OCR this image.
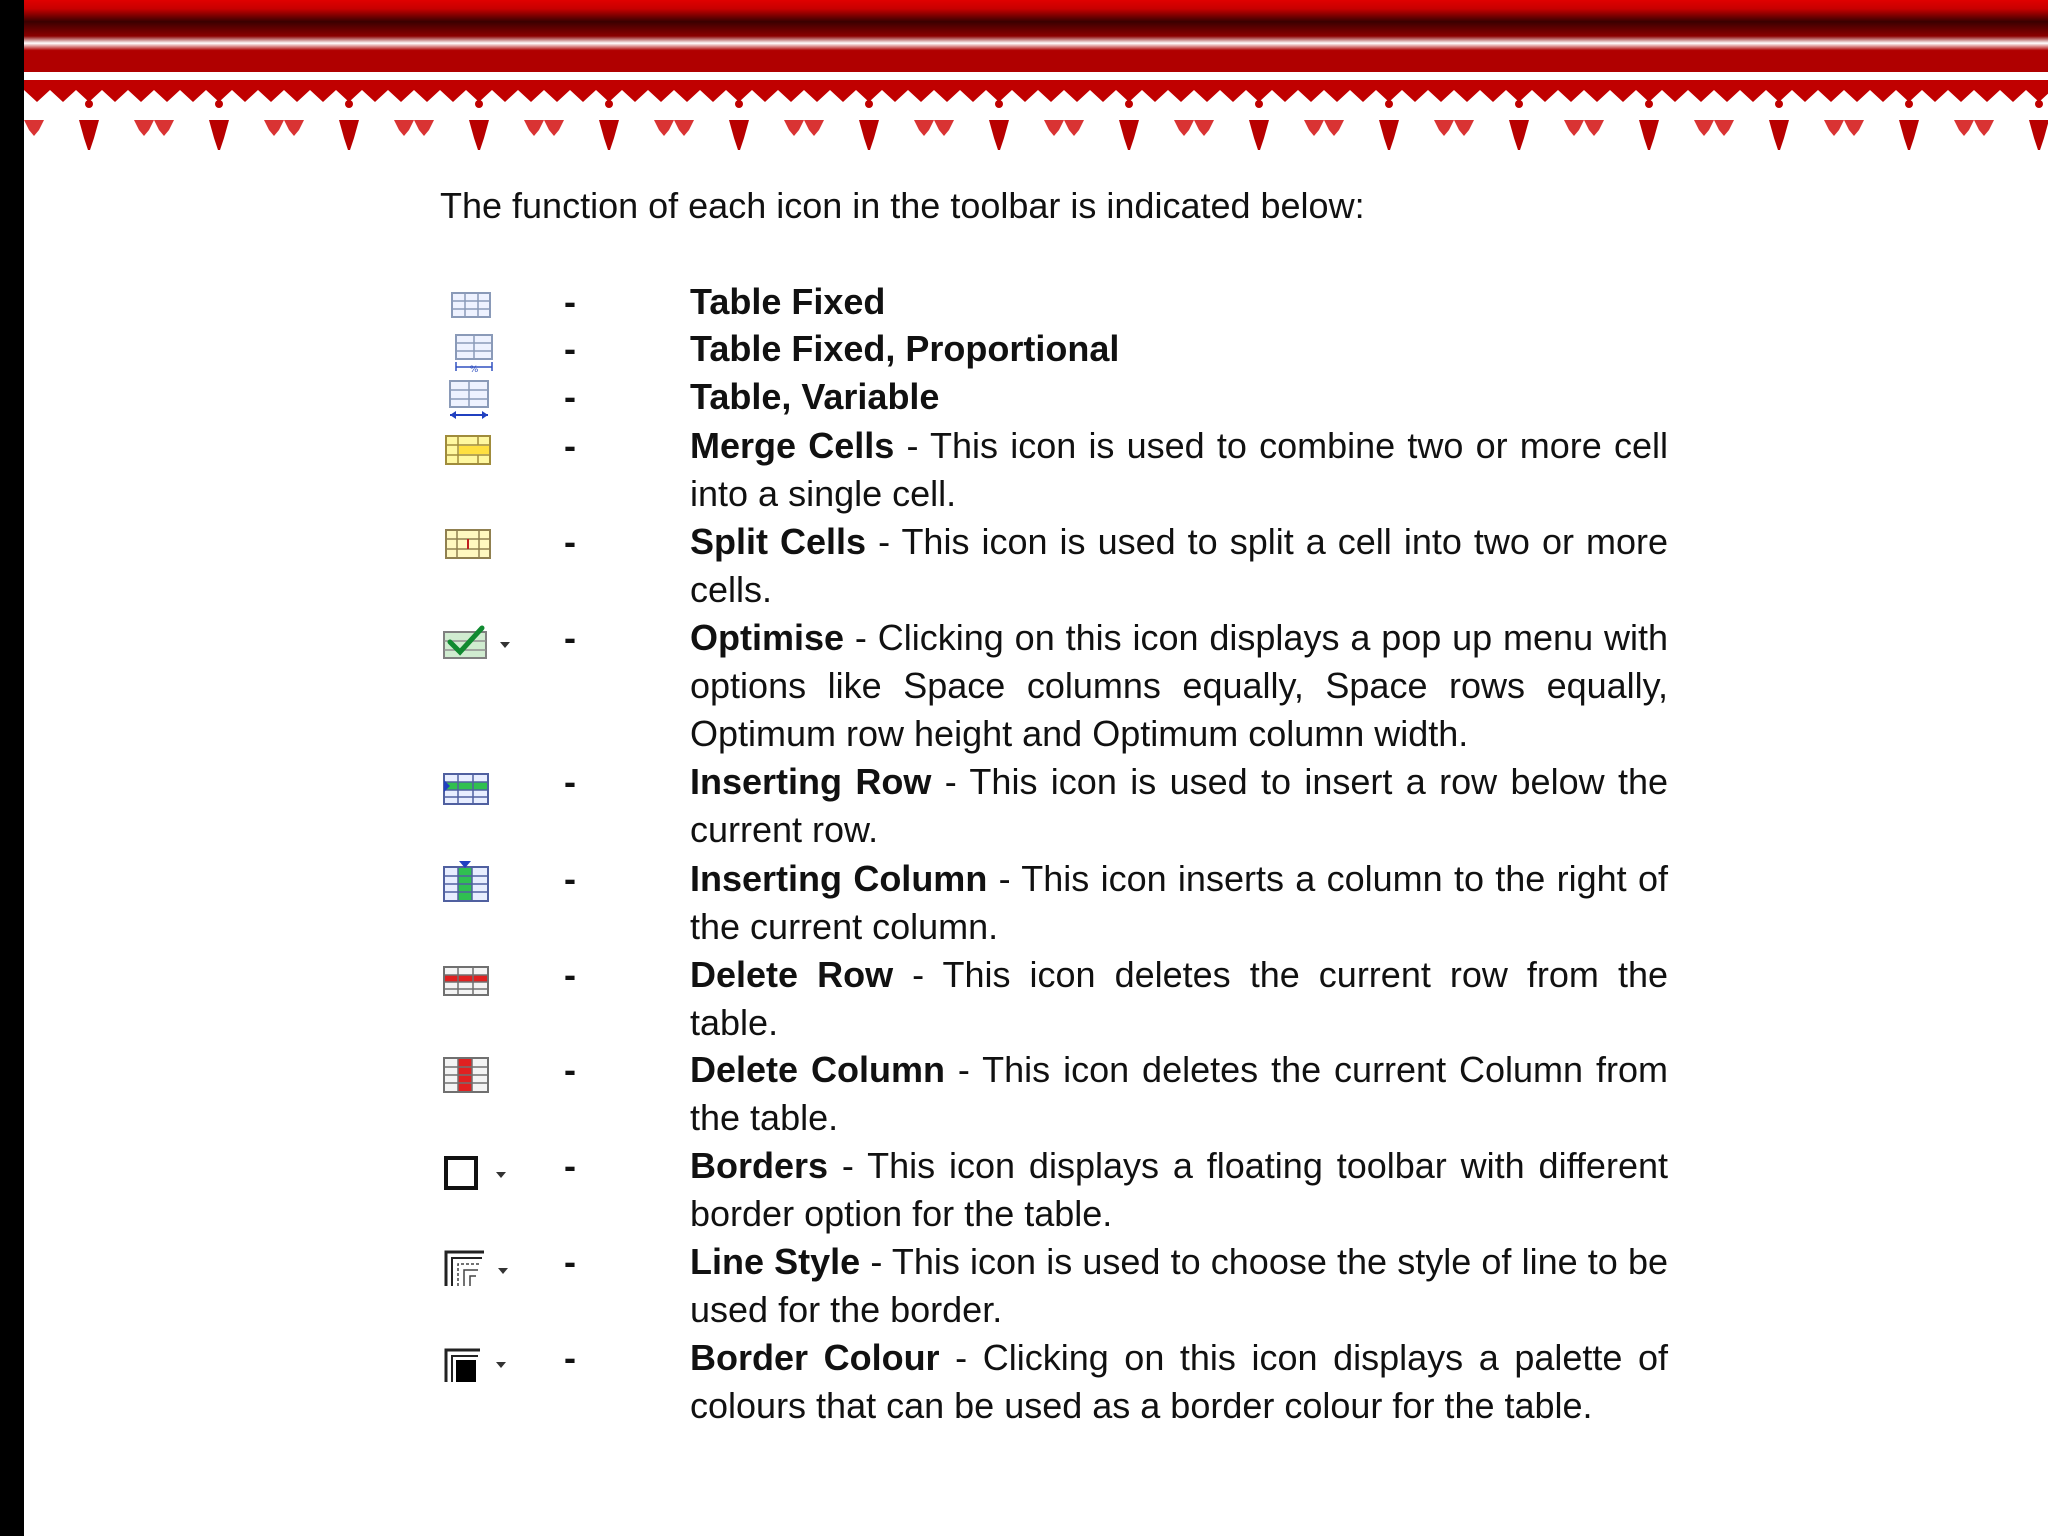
The function of each icon in the toolbar is indicated below:
-	Table Fixed

%
-	Table Fixed, Proportional

-	Table, Variable

-	Merge Cells - This icon is used to combine two or more cell into a single cell.

-	Split Cells - This icon is used to split a cell into two or more cells.

-	Optimise - Clicking on this icon displays a pop up menu with options like Space columns equally, Space rows equally, Optimum row height and Optimum column width.

-	Inserting Row - This icon is used to insert a row below the current row.

-	Inserting Column - This icon inserts a column to the right of the current column.

-	Delete Row - This icon deletes the current row from the table.

-	Delete Column - This icon deletes the current Column from the table.

-	Borders - This icon displays a floating toolbar with different border option for the table.

-	Line Style - This icon is used to choose the style of line to be used for the border.

-	Border Colour - Clicking on this icon displays a palette of colours that can be used as a border colour for the table.
